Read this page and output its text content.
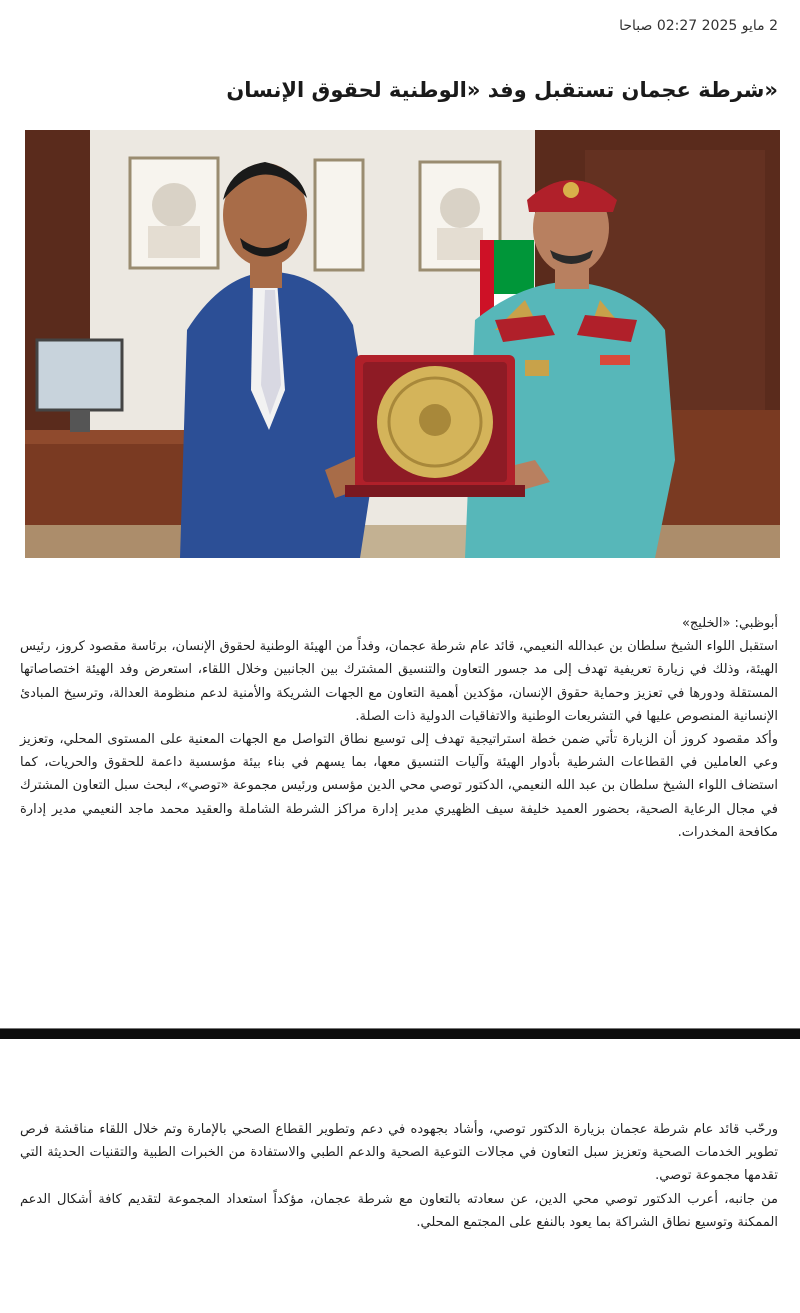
2 مايو 2025 02:27 صباحا
«شرطة عجمان تستقبل وفد «الوطنية لحقوق الإنسان

أبوظبي: «الخليج»

استقبل اللواء الشيخ سلطان بن عبدالله النعيمي، قائد عام شرطة عجمان، وفداً من الهيئة الوطنية لحقوق الإنسان، برئاسة مقصود كروز، رئيس الهيئة، وذلك في زيارة تعريفية تهدف إلى مد جسور التعاون والتنسيق المشترك بين الجانبين وخلال اللقاء، استعرض وفد الهيئة اختصاصاتها المستقلة ودورها في تعزيز وحماية حقوق الإنسان، مؤكدين أهمية التعاون مع الجهات الشريكة والأمنية لدعم منظومة العدالة، وترسيخ المبادئ الإنسانية المنصوص عليها في التشريعات الوطنية والاتفاقيات الدولية ذات الصلة.

وأكد مقصود كروز أن الزيارة تأتي ضمن خطة استراتيجية تهدف إلى توسيع نطاق التواصل مع الجهات المعنية على المستوى المحلي، وتعزيز وعي العاملين في القطاعات الشرطية بأدوار الهيئة وآليات التنسيق معها، بما يسهم في بناء بيئة مؤسسية داعمة للحقوق والحريات، كما استضاف اللواء الشيخ سلطان بن عبد الله النعيمي، الدكتور توصي محي الدين مؤسس ورئيس مجموعة «توصي»، لبحث سبل التعاون المشترك في مجال الرعاية الصحية، بحضور العميد خليفة سيف الظهيري مدير إدارة مراكز الشرطة الشاملة والعقيد محمد ماجد النعيمي مدير إدارة مكافحة المخدرات.

ورحّب قائد عام شرطة عجمان بزيارة الدكتور توصي، وأشاد بجهوده في دعم وتطوير القطاع الصحي بالإمارة وتم خلال اللقاء مناقشة فرص تطوير الخدمات الصحية وتعزيز سبل التعاون في مجالات التوعية الصحية والدعم الطبي والاستفادة من الخبرات الطبية والتقنيات الحديثة التي تقدمها مجموعة توصي.

من جانبه، أعرب الدكتور توصي محي الدين، عن سعادته بالتعاون مع شرطة عجمان، مؤكداً استعداد المجموعة لتقديم كافة أشكال الدعم الممكنة وتوسيع نطاق الشراكة بما يعود بالنفع على المجتمع المحلي.
